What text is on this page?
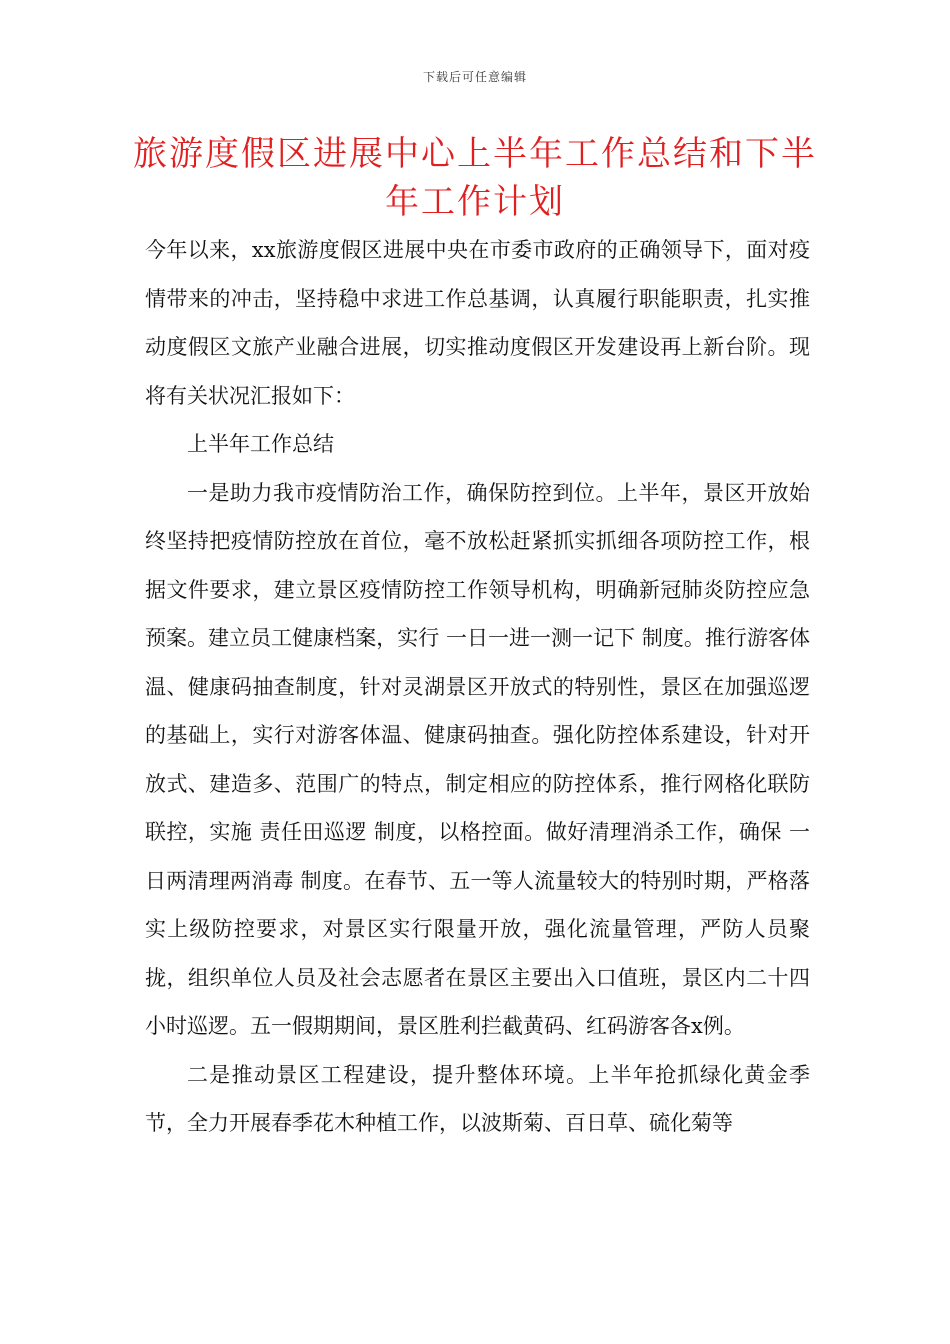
下载后可任意编辑
旅游度假区进展中心上半年工作总结和下半年工作计划

今年以来，xx旅游度假区进展中央在市委市政府的正确领导下，面对疫情带来的冲击，坚持稳中求进工作总基调，认真履行职能职责，扎实推动度假区文旅产业融合进展，切实推动度假区开发建设再上新台阶。现将有关状况汇报如下：

上半年工作总结

一是助力我市疫情防治工作，确保防控到位。上半年，景区开放始终坚持把疫情防控放在首位，毫不放松赶紧抓实抓细各项防控工作，根据文件要求，建立景区疫情防控工作领导机构，明确新冠肺炎防控应急预案。建立员工健康档案，实行 一日一进一测一记下 制度。推行游客体温、健康码抽查制度，针对灵湖景区开放式的特别性，景区在加强巡逻的基础上，实行对游客体温、健康码抽查。强化防控体系建设，针对开放式、建造多、范围广的特点，制定相应的防控体系，推行网格化联防联控，实施 责任田巡逻 制度，以格控面。做好清理消杀工作，确保 一日两清理两消毒 制度。在春节、五一等人流量较大的特别时期，严格落实上级防控要求，对景区实行限量开放，强化流量管理，严防人员聚拢，组织单位人员及社会志愿者在景区主要出入口值班，景区内二十四小时巡逻。五一假期期间，景区胜利拦截黄码、红码游客各x例。

二是推动景区工程建设，提升整体环境。上半年抢抓绿化黄金季节，全力开展春季花木种植工作，以波斯菊、百日草、硫化菊等
